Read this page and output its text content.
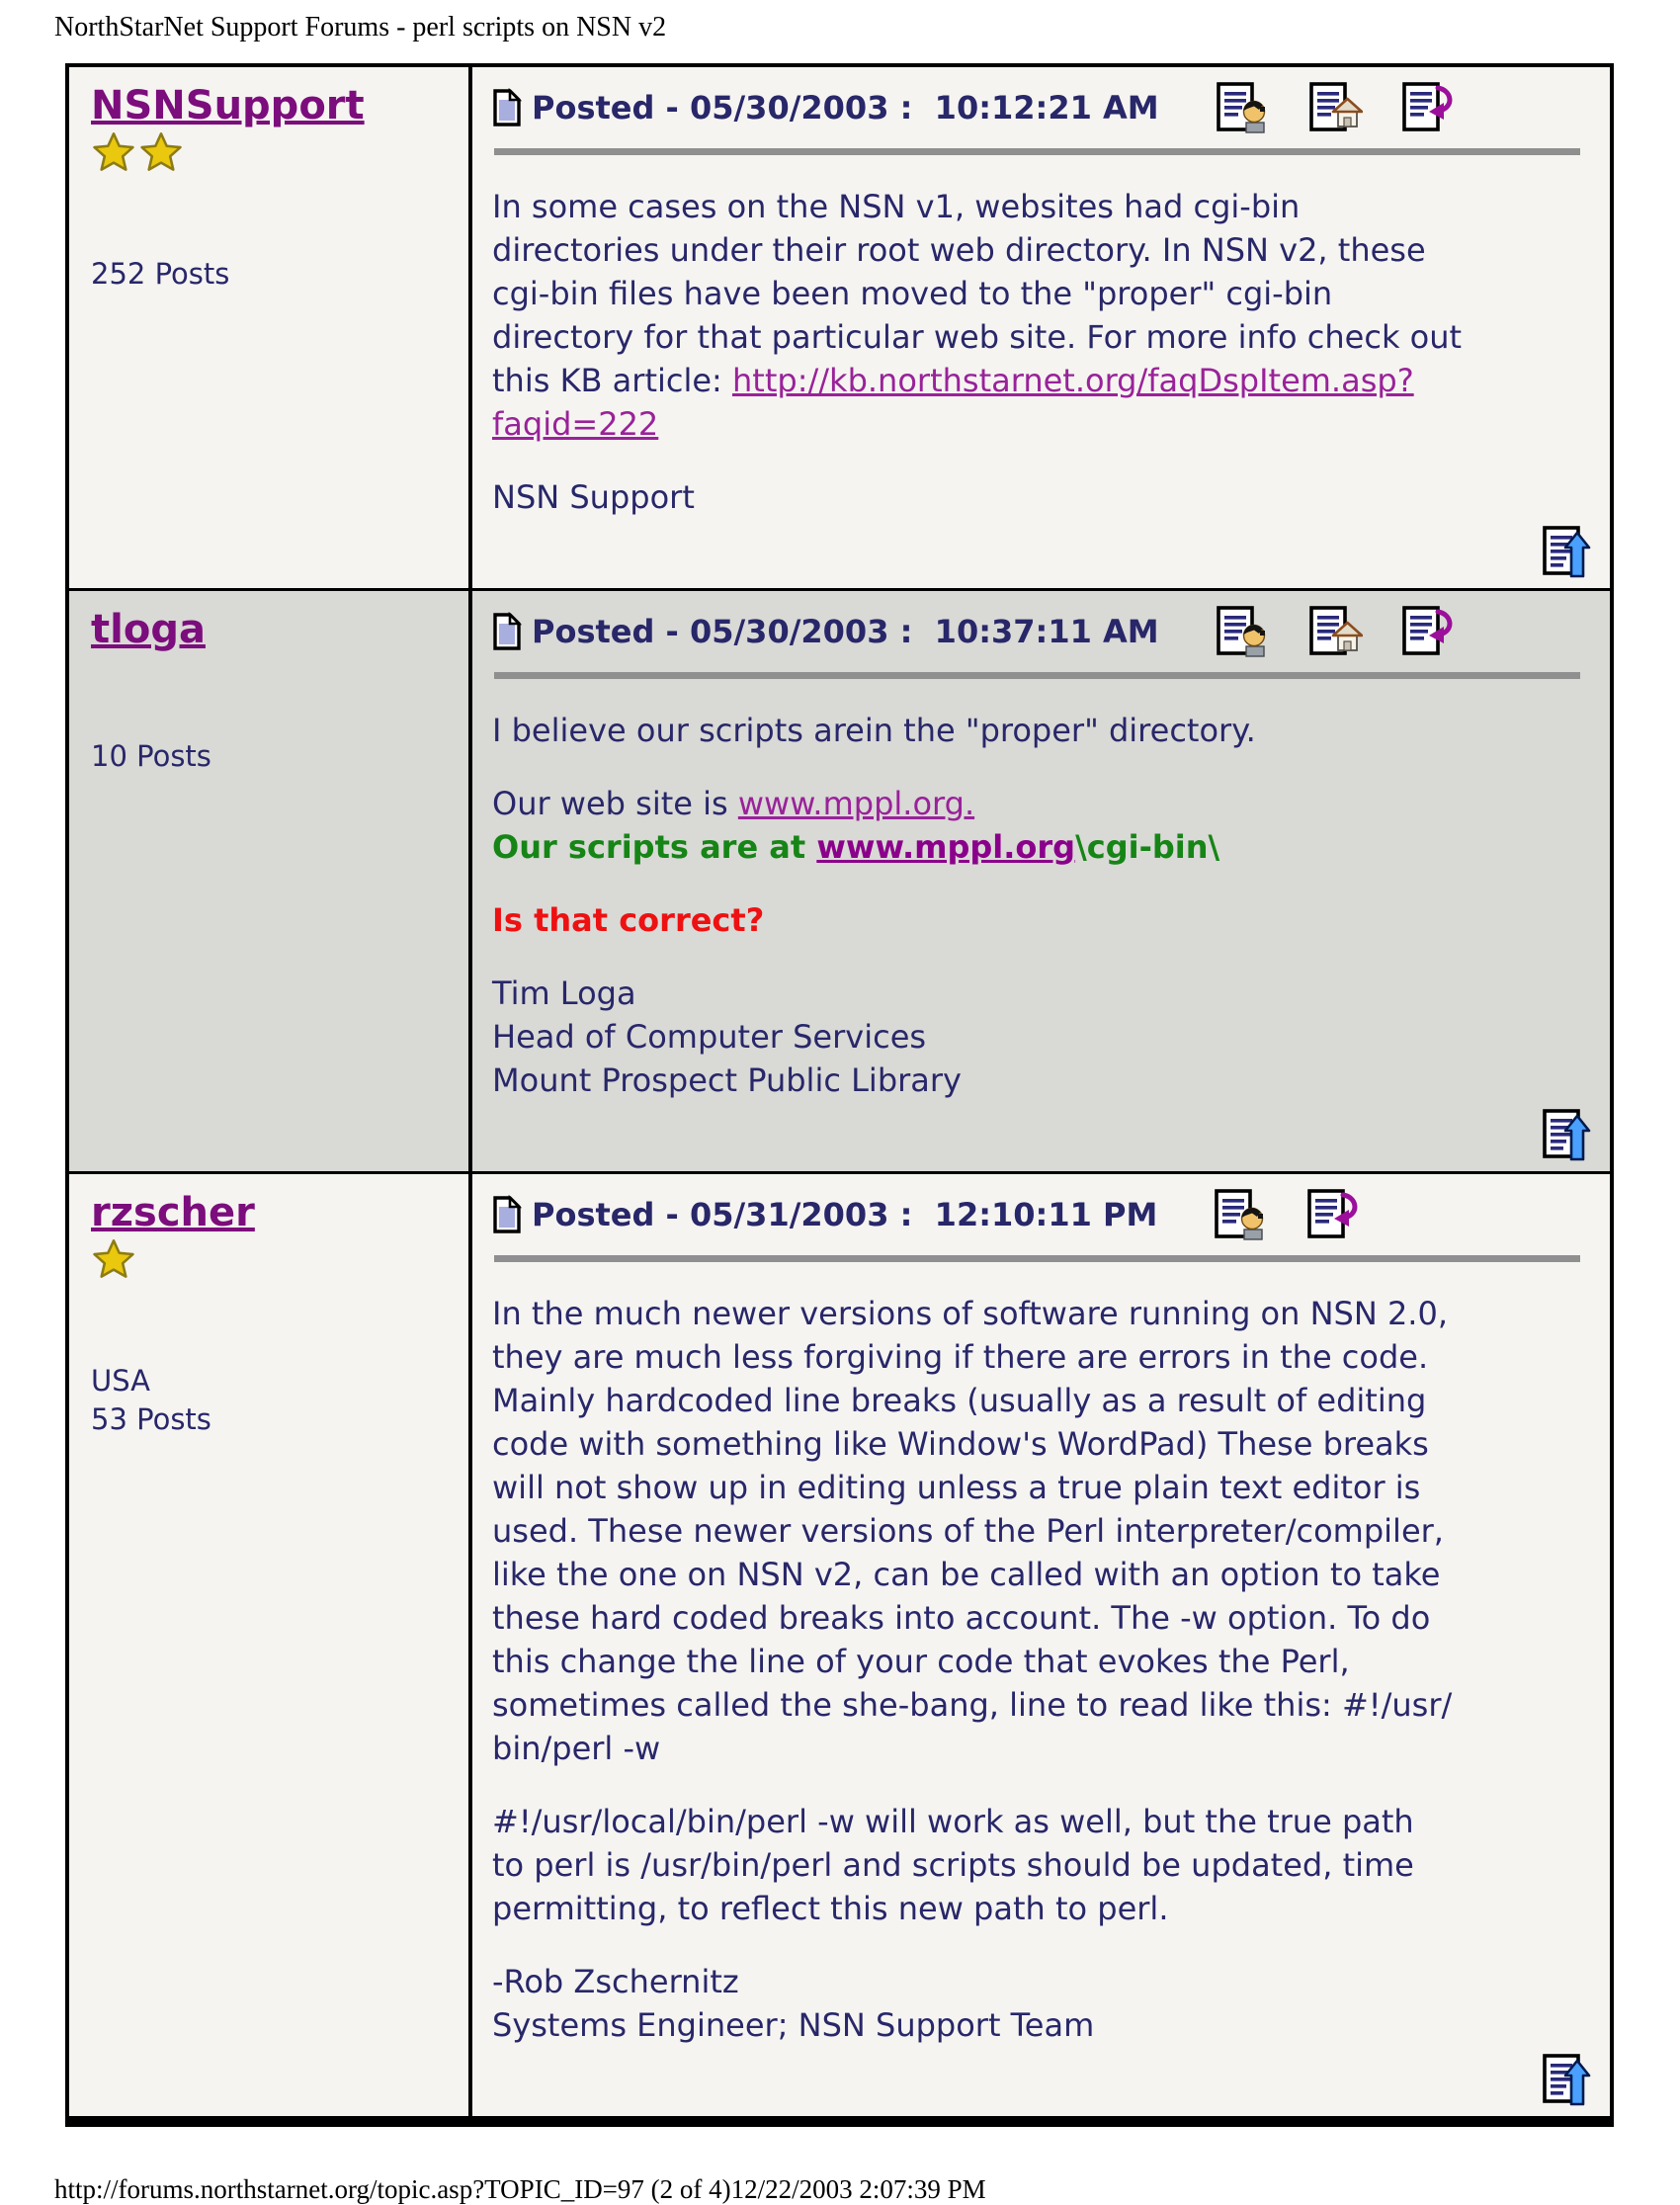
NorthStarNet Support Forums - perl scripts on NSN v2
NSNSupport
252 Posts
Posted - 05/30/2003 :  10:12:21 AM
In some cases on the NSN v1, websites had cgi-bin
directories under their root web directory. In NSN v2, these
cgi-bin files have been moved to the "proper" cgi-bin
directory for that particular web site. For more info check out
this KB article: http://kb.northstarnet.org/faqDspItem.asp?
faqid=222
NSN Support
tloga
10 Posts
Posted - 05/30/2003 :  10:37:11 AM
I believe our scripts arein the "proper" directory.
Our web site is www.mppl.org.
Our scripts are at www.mppl.org\cgi-bin\
Is that correct?
Tim Loga
Head of Computer Services
Mount Prospect Public Library
rzscher
USA
53 Posts
Posted - 05/31/2003 :  12:10:11 PM
In the much newer versions of software running on NSN 2.0,
they are much less forgiving if there are errors in the code.
Mainly hardcoded line breaks (usually as a result of editing
code with something like Window's WordPad) These breaks
will not show up in editing unless a true plain text editor is
used. These newer versions of the Perl interpreter/compiler,
like the one on NSN v2, can be called with an option to take
these hard coded breaks into account. The -w option. To do
this change the line of your code that evokes the Perl,
sometimes called the she-bang, line to read like this: #!/usr/
bin/perl -w
#!/usr/local/bin/perl -w will work as well, but the true path
to perl is /usr/bin/perl and scripts should be updated, time
permitting, to reflect this new path to perl.
-Rob Zschernitz
Systems Engineer; NSN Support Team
http://forums.northstarnet.org/topic.asp?TOPIC_ID=97 (2 of 4)12/22/2003 2:07:39 PM
